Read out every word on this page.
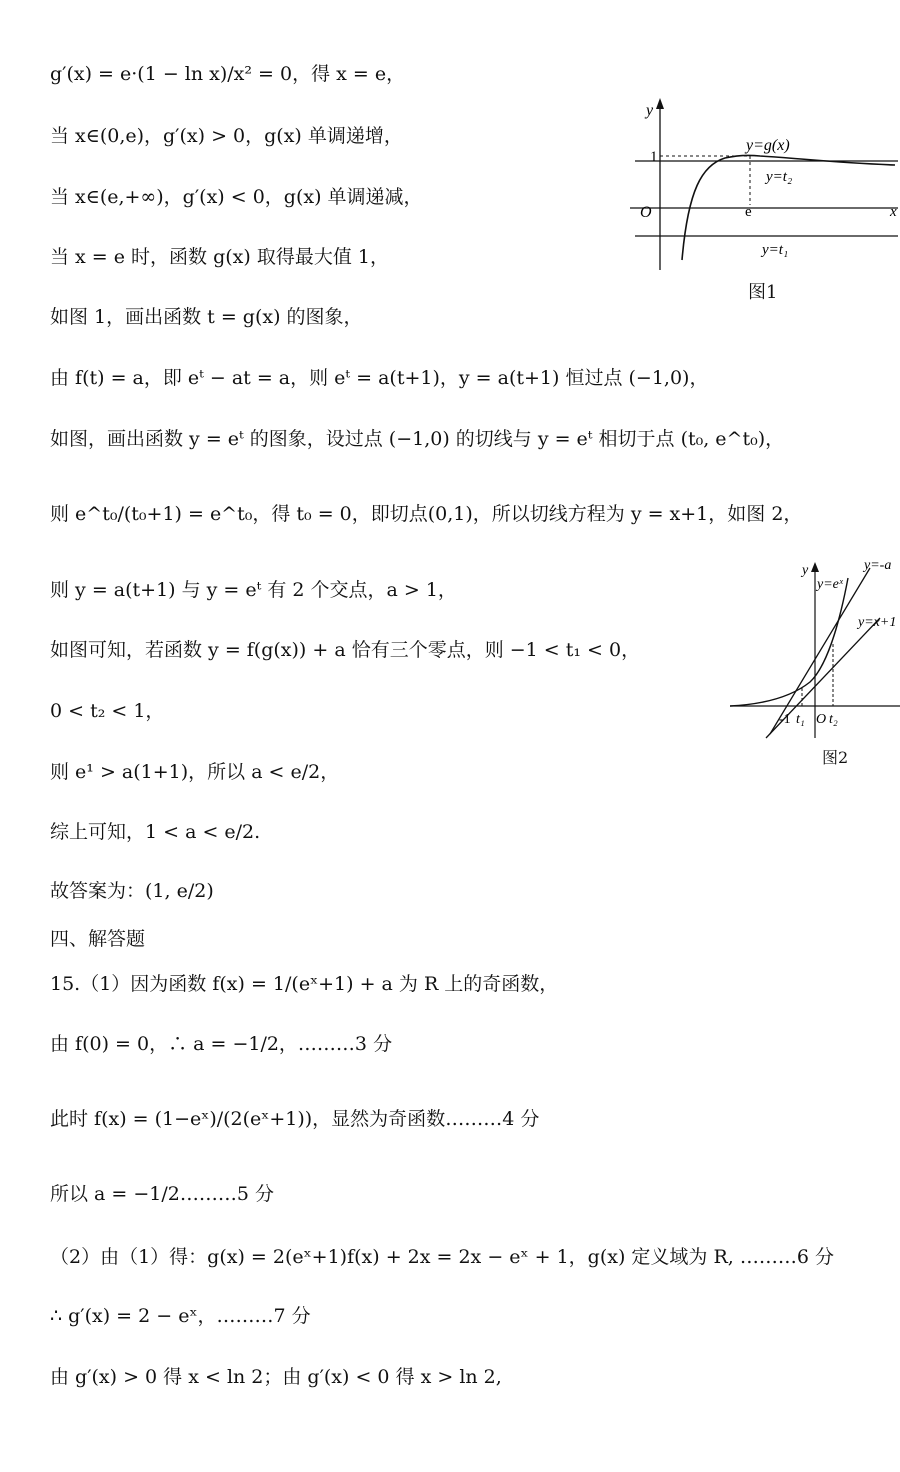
g′(x) = e·(1 − ln x)/x² = 0，得 x = e，
当 x∈(0,e)，g′(x) > 0，g(x) 单调递增，
当 x∈(e,+∞)，g′(x) < 0，g(x) 单调递减，
当 x = e 时，函数 g(x) 取得最大值 1，
如图 1，画出函数 t = g(x) 的图象，
由 f(t) = a，即 eᵗ − at = a，则 eᵗ = a(t+1)，y = a(t+1) 恒过点 (−1,0)，
如图，画出函数 y = eᵗ 的图象，设过点 (−1,0) 的切线与 y = eᵗ 相切于点 (t₀, e^t₀)，
则 e^t₀/(t₀+1) = e^t₀，得 t₀ = 0，即切点(0,1)，所以切线方程为 y = x+1，如图 2，
则 y = a(t+1) 与 y = eᵗ 有 2 个交点，a > 1，
如图可知，若函数 y = f(g(x)) + a 恰有三个零点，则 −1 < t₁ < 0，
0 < t₂ < 1，
则 e¹ > a(1+1)，所以 a < e/2，
综上可知，1 < a < e/2.
故答案为：(1, e/2)
四、解答题
15.（1）因为函数 f(x) = 1/(eˣ+1) + a 为 R 上的奇函数，
由 f(0) = 0，∴ a = −1/2，………3 分
此时 f(x) = (1−eˣ)/(2(eˣ+1))，显然为奇函数………4 分
所以 a = −1/2………5 分
（2）由（1）得：g(x) = 2(eˣ+1)f(x) + 2x = 2x − eˣ + 1，g(x) 定义域为 R, ………6 分
∴ g′(x) = 2 − eˣ，………7 分
由 g′(x) > 0 得 x < ln 2；由 g′(x) < 0 得 x > ln 2,
y
1
O	e	x
y=g(x)
y=t₂
y=t₁
图1
y
y=eˣ
y=-a
y=x+1
-1 t₁ O t₂
图2
